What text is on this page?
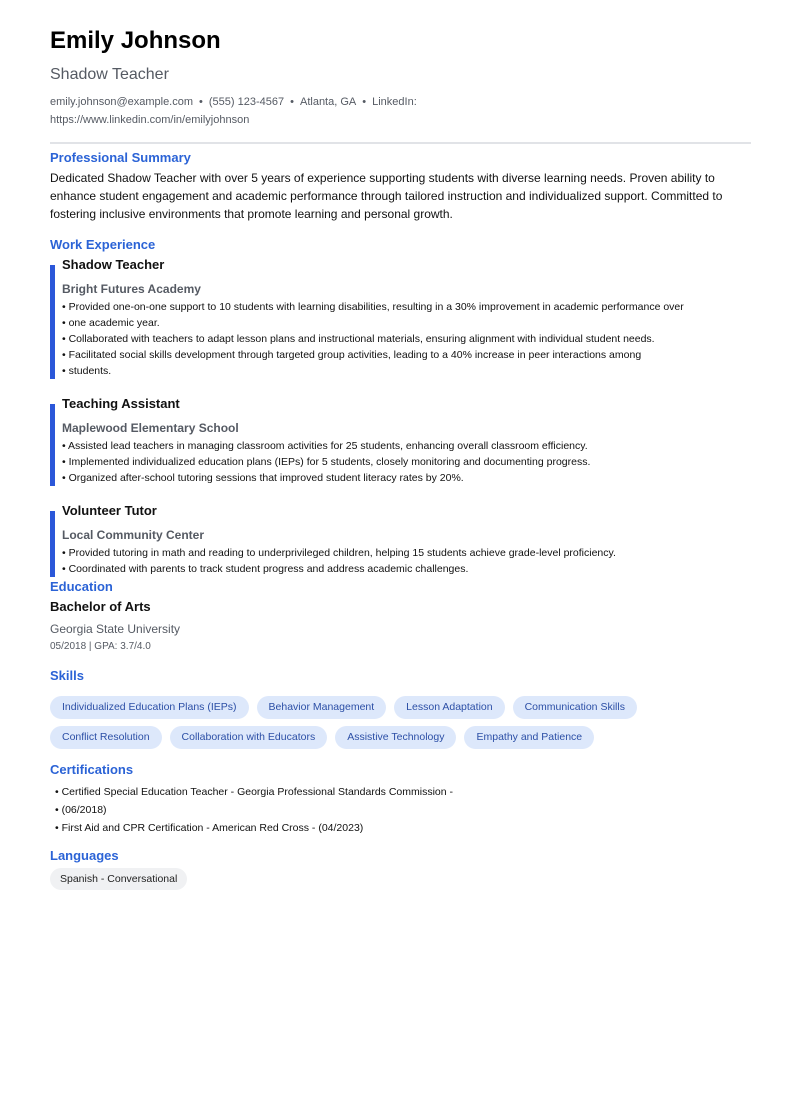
Emily Johnson
Shadow Teacher
emily.johnson@example.com • (555) 123-4567 • Atlanta, GA • LinkedIn:
https://www.linkedin.com/in/emilyjohnson
Professional Summary
Dedicated Shadow Teacher with over 5 years of experience supporting students with diverse learning needs. Proven ability to enhance student engagement and academic performance through tailored instruction and individualized support. Committed to fostering inclusive environments that promote learning and personal growth.
Work Experience
Shadow Teacher
Bright Futures Academy
• Provided one-on-one support to 10 students with learning disabilities, resulting in a 30% improvement in academic performance over
• one academic year.
• Collaborated with teachers to adapt lesson plans and instructional materials, ensuring alignment with individual student needs.
• Facilitated social skills development through targeted group activities, leading to a 40% increase in peer interactions among
• students.
Teaching Assistant
Maplewood Elementary School
• Assisted lead teachers in managing classroom activities for 25 students, enhancing overall classroom efficiency.
• Implemented individualized education plans (IEPs) for 5 students, closely monitoring and documenting progress.
• Organized after-school tutoring sessions that improved student literacy rates by 20%.
Volunteer Tutor
Local Community Center
• Provided tutoring in math and reading to underprivileged children, helping 15 students achieve grade-level proficiency.
• Coordinated with parents to track student progress and address academic challenges.
Education
Bachelor of Arts
Georgia State University
05/2018 | GPA: 3.7/4.0
Skills
Individualized Education Plans (IEPs)	Behavior Management	Lesson Adaptation	Communication Skills
Conflict Resolution	Collaboration with Educators	Assistive Technology	Empathy and Patience
Certifications
• Certified Special Education Teacher - Georgia Professional Standards Commission -
• (06/2018)
• First Aid and CPR Certification - American Red Cross - (04/2023)
Languages
Spanish - Conversational
